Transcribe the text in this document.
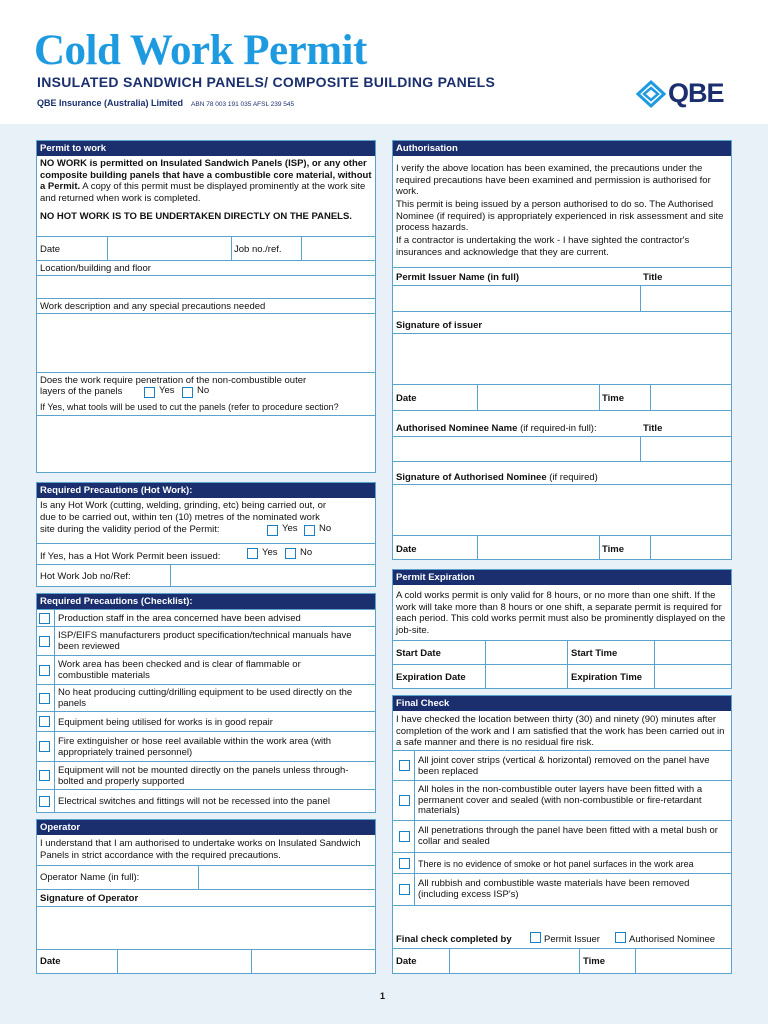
Cold Work Permit
INSULATED SANDWICH PANELS/ COMPOSITE BUILDING PANELS
QBE Insurance (Australia) Limited ABN 78 003 191 035 AFSL 239 545	QBE
Permit to work
NO WORK is permitted on Insulated Sandwich Panels (ISP), or any other composite building panels that have a combustible core material, without a Permit. A copy of this permit must be displayed prominently at the work site and returned when work is completed.
NO HOT WORK IS TO BE UNDERTAKEN DIRECTLY ON THE PANELS.
Date	Job no./ref.
Location/building and floor
Work description and any special precautions needed
Does the work require penetration of the non-combustible outer
layers of the panels	Yes No
If Yes, what tools will be used to cut the panels (refer to procedure section?
Required Precautions (Hot Work):
Is any Hot Work (cutting, welding, grinding, etc) being carried out, or
due to be carried out, within ten (10) metres of the nominated work
site during the validity period of the Permit:	Yes No
If Yes, has a Hot Work Permit been issued:	Yes No
Hot Work Job no/Ref:
Required Precautions (Checklist):
Production staff in the area concerned have been advised
ISP/EIFS manufacturers product specification/technical manuals have been reviewed
Work area has been checked and is clear of flammable or combustible materials
No heat producing cutting/drilling equipment to be used directly on the panels
Equipment being utilised for works is in good repair
Fire extinguisher or hose reel available within the work area (with appropriately trained personnel)
Equipment will not be mounted directly on the panels unless through-bolted and properly supported
Electrical switches and fittings will not be recessed into the panel
Operator
I understand that I am authorised to undertake works on Insulated Sandwich Panels in strict accordance with the required precautions.
Operator Name (in full):
Signature of Operator
Date
Authorisation
I verify the above location has been examined, the precautions under the required precautions have been examined and permission is authorised for work.
This permit is being issued by a person authorised to do so. The Authorised Nominee (if required) is appropriately experienced in risk assessment and site process hazards.
If a contractor is undertaking the work - I have sighted the contractor's insurances and acknowledge that they are current.
Permit Issuer Name (in full)	Title
Signature of issuer
Date	Time
Authorised Nominee Name (if required-in full):	Title
Signature of Authorised Nominee (if required)
Date	Time
Permit Expiration
A cold works permit is only valid for 8 hours, or no more than one shift. If the work will take more than 8 hours or one shift, a separate permit is required for each period. This cold works permit must also be prominently displayed on the job-site.
Start Date	Start Time
Expiration Date	Expiration Time
Final Check
I have checked the location between thirty (30) and ninety (90) minutes after completion of the work and I am satisfied that the work has been carried out in a safe manner and there is no residual fire risk.
All joint cover strips (vertical & horizontal) removed on the panel have been replaced
All holes in the non-combustible outer layers have been fitted with a permanent cover and sealed (with non-combustible or fire-retardant materials)
All penetrations through the panel have been fitted with a metal bush or collar and sealed
There is no evidence of smoke or hot panel surfaces in the work area
All rubbish and combustible waste materials have been removed (including excess ISP's)
Final check completed by	Permit Issuer	Authorised Nominee
Date	Time
1
